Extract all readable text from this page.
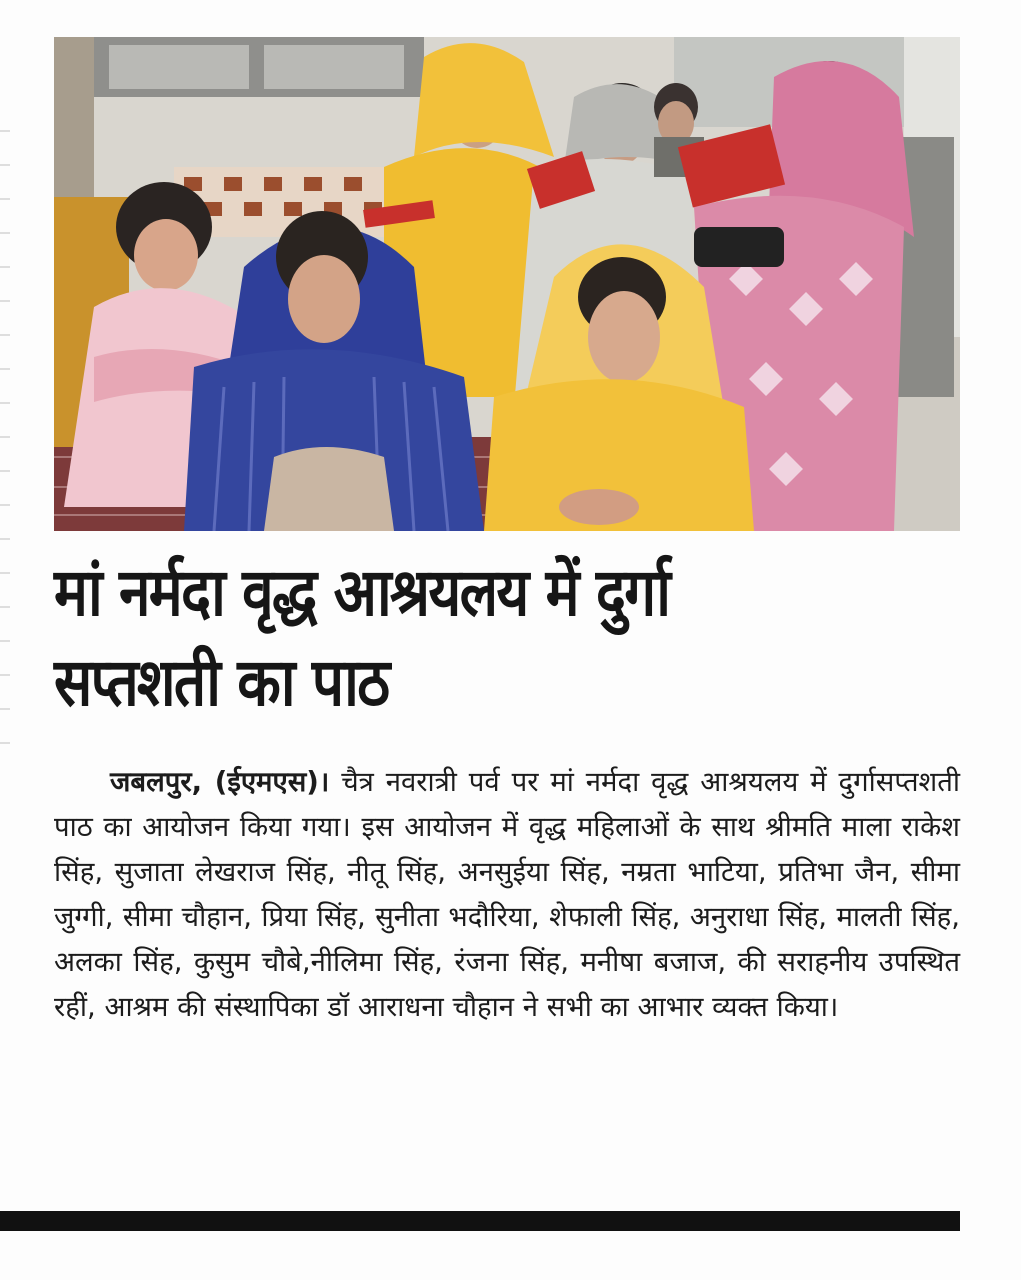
मां नर्मदा वृद्ध आश्रयलय में दुर्गा
सप्तशती का पाठ

जबलपुर, (ईएमएस)। चैत्र नवरात्री पर्व पर मां नर्मदा वृद्ध आश्रयलय में दुर्गासप्तशती पाठ का आयोजन किया गया। इस आयोजन में वृद्ध महिलाओं के साथ श्रीमति माला राकेश सिंह, सुजाता लेखराज सिंह, नीतू सिंह, अनसुईया सिंह, नम्रता भाटिया, प्रतिभा जैन, सीमा जुग्गी, सीमा चौहान, प्रिया सिंह, सुनीता भदौरिया, शेफाली सिंह, अनुराधा सिंह, मालती सिंह, अलका सिंह, कुसुम चौबे,नीलिमा सिंह, रंजना सिंह, मनीषा बजाज, की सराहनीय उपस्थित रहीं, आश्रम की संस्थापिका डॉ आराधना चौहान ने सभी का आभार व्यक्त किया।
